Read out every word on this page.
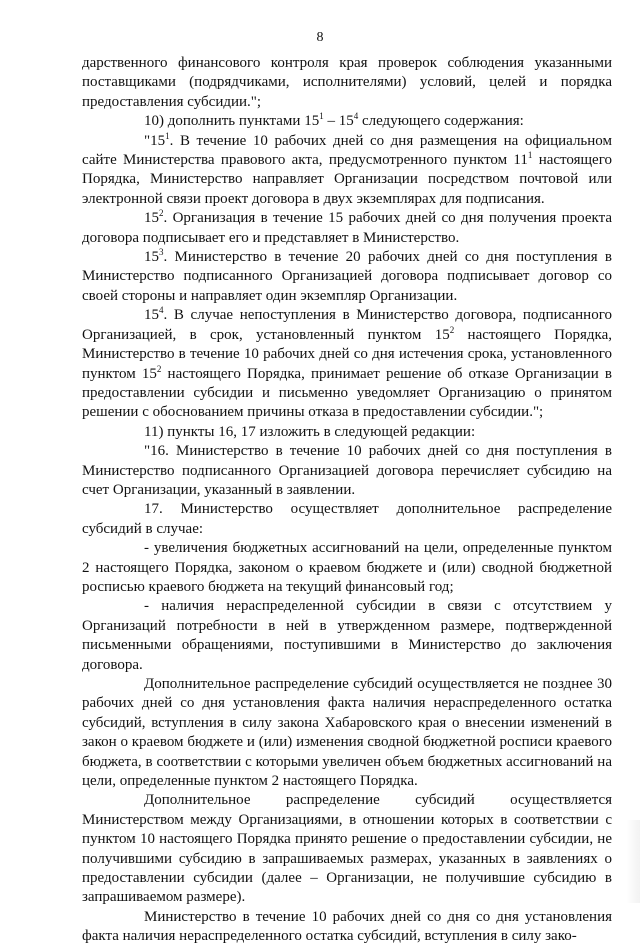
8

дарственного финансового контроля края проверок соблюдения указанными поставщиками (подрядчиками, исполнителями) условий, целей и порядка предоставления субсидии.";

10) дополнить пунктами $15^1 - 15^4$ следующего содержания:

"$15^1$. В течение 10 рабочих дней со дня размещения на официальном сайте Министерства правового акта, предусмотренного пунктом $11^1$ настоящего Порядка, Министерство направляет Организации посредством почтовой или электронной связи проект договора в двух экземплярах для подписания.

$15^2$. Организация в течение 15 рабочих дней со дня получения проекта договора подписывает его и представляет в Министерство.

$15^3$. Министерство в течение 20 рабочих дней со дня поступления в Министерство подписанного Организацией договора подписывает договор со своей стороны и направляет один экземпляр Организации.

$15^4$. В случае непоступления в Министерство договора, подписанного Организацией, в срок, установленный пунктом $15^2$ настоящего Порядка, Министерство в течение 10 рабочих дней со дня истечения срока, установленного пунктом $15^2$ настоящего Порядка, принимает решение об отказе Организации в предоставлении субсидии и письменно уведомляет Организацию о принятом решении с обоснованием причины отказа в предоставлении субсидии.";

11) пункты 16, 17 изложить в следующей редакции:

"16. Министерство в течение 10 рабочих дней со дня поступления в Министерство подписанного Организацией договора перечисляет субсидию на счет Организации, указанный в заявлении.

17. Министерство осуществляет дополнительное распределение субсидий в случае:

- увеличения бюджетных ассигнований на цели, определенные пунктом 2 настоящего Порядка, законом о краевом бюджете и (или) сводной бюджетной росписью краевого бюджета на текущий финансовый год;

- наличия нераспределенной субсидии в связи с отсутствием у Организаций потребности в ней в утвержденном размере, подтвержденной письменными обращениями, поступившими в Министерство до заключения договора.

Дополнительное распределение субсидий осуществляется не позднее 30 рабочих дней со дня установления факта наличия нераспределенного остатка субсидий, вступления в силу закона Хабаровского края о внесении изменений в закон о краевом бюджете и (или) изменения сводной бюджетной росписи краевого бюджета, в соответствии с которыми увеличен объем бюджетных ассигнований на цели, определенные пунктом 2 настоящего Порядка.

Дополнительное распределение субсидий осуществляется Министерством между Организациями, в отношении которых в соответствии с пунктом 10 настоящего Порядка принято решение о предоставлении субсидии, не получившими субсидию в запрашиваемых размерах, указанных в заявлениях о предоставлении субсидии (далее – Организации, не получившие субсидию в запрашиваемом размере).

Министерство в течение 10 рабочих дней со дня со дня установления факта наличия нераспределенного остатка субсидий, вступления в силу зако-
